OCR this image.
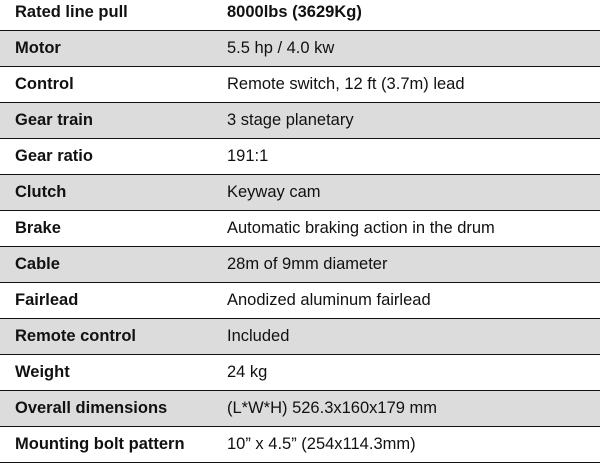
Rated line pull	8000lbs (3629Kg)
Motor	5.5 hp / 4.0 kw
Control	Remote switch, 12 ft (3.7m) lead
Gear train	3 stage planetary
Gear ratio	191:1
Clutch	Keyway cam
Brake	Automatic braking action in the drum
Cable	28m of 9mm diameter
Fairlead	Anodized aluminum fairlead
Remote control	Included
Weight	24 kg
Overall dimensions	(L*W*H) 526.3x160x179 mm
Mounting bolt pattern	10” x 4.5” (254x114.3mm)
